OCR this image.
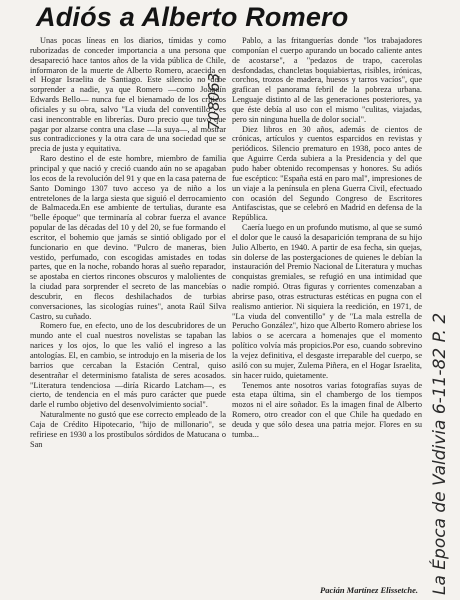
Adiós a Alberto Romero

Unas pocas líneas en los diarios, tímidas y como ruborizadas de conceder importancia a una persona que desapareció hace tantos años de la vida pública de Chile, informaron de la muerte de Alberto Romero, acaecida en el Hogar Israelita de Santiago. Este silencio no debe sorprender a nadie, ya que Romero —como Joaquín Edwards Bello— nunca fue el bienamado de los críticos oficiales y su obra, salvo "La viuda del conventillo", es casi inencontrable en librerías. Duro precio que tuvo que pagar por alzarse contra una clase —la suya—, al mostrar sus contradicciones y la otra cara de una sociedad que se precia de justa y equitativa.

Raro destino el de este hombre, miembro de familia principal y que nació y creció cuando aún no se apagaban los ecos de la revolución del 91 y que en la casa paterna de Santo Domingo 1307 tuvo acceso ya de niño a los entretelones de la larga siesta que siguió el derrocamiento de Balmaceda.En ese ambiente de tertulias, durante esa "belle époque" que terminaría al cobrar fuerza el avance popular de las décadas del 10 y del 20, se fue formando el escritor, el bohemio que jamás se sintió obligado por el funcionario en que devino. "Pulcro de maneras, bien vestido, perfumado, con escogidas amistades en todas partes, que en la noche, robando horas al sueño reparador, se apostaba en ciertos rincones obscuros y malolientes de la ciudad para sorprender el secreto de las mancebías o descubrir, en flecos deshilachados de turbias conversaciones, las sicologías ruines", anota Raúl Silva Castro, su cuñado.

Romero fue, en efecto, uno de los descubridores de un mundo ante el cual nuestros novelistas se tapaban las narices y los ojos, lo que les valió el ingreso a las antologías. El, en cambio, se introdujo en la miseria de los barrios que cercaban la Estación Central, quiso desentrañar el determinismo fatalista de seres acosados. "Literatura tendenciosa —diría Ricardo Latcham—, es cierto, de tendencia en el más puro carácter que puede darle el rumbo objetivo del desenvolvimiento social".

Naturalmente no gustó que ese correcto empleado de la Caja de Crédito Hipotecario, "hijo de millonario", se refiriese en 1930 a los prostíbulos sórdidos de Matucana o San

Pablo, a las fritanguerías donde "los trabajadores componían el cuerpo apurando un bocado caliente antes de acostarse", a "pedazos de trapo, cacerolas desfondadas, chancletas boquiabiertas, risibles, irónicas, corchos, trozos de madera, huesos y tarros vacíos", que grafican el panorama febril de la pobreza urbana. Lenguaje distinto al de las generaciones posteriores, ya que éste debía al uso con el mismo "culitas, viajadas, pero sin ninguna huella de dolor social".

Diez libros en 30 años, además de cientos de crónicas, artículos y cuentos esparcidos en revistas y periódicos. Silencio prematuro en 1938, poco antes de que Aguirre Cerda subiera a la Presidencia y del que pudo haber obtenido recompensas y honores. Su adiós fue escéptico: "España está en paro mal", impresiones de un viaje a la península en plena Guerra Civil, efectuado con ocasión del Segundo Congreso de Escritores Antifascistas, que se celebró en Madrid en defensa de la República.

Caería luego en un profundo mutismo, al que se sumó el dolor que le causó la desaparición temprana de su hijo Julio Alberto, en 1940. A partir de esa fecha, sin quejas, sin dolerse de las postergaciones de quienes le debían la instauración del Premio Nacional de Literatura y muchas conquistas gremiales, se refugió en una intimidad que nadie rompió. Otras figuras y corrientes comenzaban a abrirse paso, otras estructuras estéticas en pugna con el realismo antierior. Ni siquiera la reedición, en 1971, de "La viuda del conventillo" y de "La mala estrella de Perucho González", hizo que Alberto Romero abriese los labios o se acercara a homenajes que el momento político volvía más propicios.Por eso, cuando sobrevino la vejez definitiva, el desgaste irreparable del cuerpo, se asiló con su mujer, Zulema Piñera, en el Hogar Israelita, sin hacer ruido, quietamente.

Tenemos ante nosotros varias fotografías suyas de esta etapa última, sin el chambergo de los tiempos mozos ni el aire soñador. Es la imagen final de Alberto Romero, otro creador con el que Chile ha quedado en deuda y que sólo desea una patria mejor. Flores en su tumba...

Pacián Martínez Elissetche.
708063
La Época de Valdivia 6-11-82 P. 2
